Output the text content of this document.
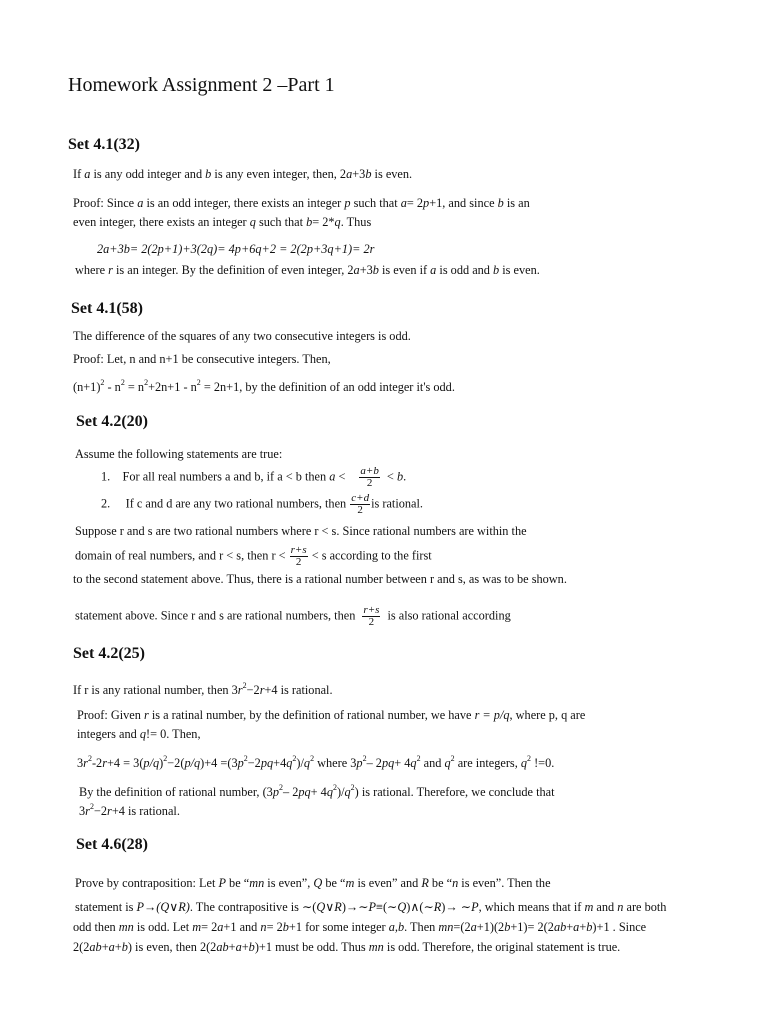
Homework Assignment 2 –Part 1
Set 4.1(32)
If a is any odd integer and b is any even integer, then, 2a+3b is even.
Proof: Since a is an odd integer, there exists an integer p such that a= 2p+1, and since b is an
even integer, there exists an integer q such that b= 2*q. Thus
2a+3b= 2(2p+1)+3(2q)= 4p+6q+2 = 2(2p+3q+1)= 2r
where r is an integer. By the definition of even integer, 2a+3b is even if a is odd and b is even.
Set 4.1(58)
The difference of the squares of any two consecutive integers is odd.
Proof: Let, n and n+1 be consecutive integers. Then,
$(n+1)^2 - n^2 = n^2+2n+1 - n^2 = 2n+1$, by the definition of an odd integer it's odd.
Set 4.2(20)
Assume the following statements are true:
1. For all real numbers a and b, if a < b then $a < \frac{a+b}{2} < b$.
2. If c and d are any two rational numbers, then $\frac{c+d}{2}$ is rational.
Suppose r and s are two rational numbers where r < s. Since rational numbers are within the
domain of real numbers, and r < s, then $r < \frac{r+s}{2} < s$ according to the first
to the second statement above. Thus, there is a rational number between r and s, as was to be shown.
statement above. Since r and s are rational numbers, then $\frac{r+s}{2}$ is also rational according
Set 4.2(25)
If r is any rational number, then $3r^2-2r+4$ is rational.
Proof: Given r is a ratinal number, by the definition of rational number, we have r = p/q, where p, q are
integers and q!= 0. Then,
$3r^2-2r+4 = 3(p/q)^2-2(p/q)+4 =(3p^2-2pq+4q^2)/q^2$ where $3p^2-$ $2pq+ 4q^2$ and $q^2$ are integers, $q^2$ !=0.
By the definition of rational number, ($3p^2-$ $2pq+ 4q^2)/q^2$) is rational. Therefore, we conclude that
$3r^2-2r+4$ is rational.
Set 4.6(28)
Prove by contraposition: Let P be “mn is even”, Q be “m is even” and R be “n is even”. Then the
statement is P→(Q∨R). The contrapositive is ∼(Q∨R)→∼P≡(∼Q)∧(∼R)→ ∼P, which means that if m and n are both
odd then mn is odd. Let m= 2a+1 and n= 2b+1 for some integer a,b. Then mn=(2a+1)(2b+1)= 2(2ab+a+b)+1 . Since
2(2ab+a+b) is even, then 2(2ab+a+b)+1 must be odd. Thus mn is odd. Therefore, the original statement is true.
